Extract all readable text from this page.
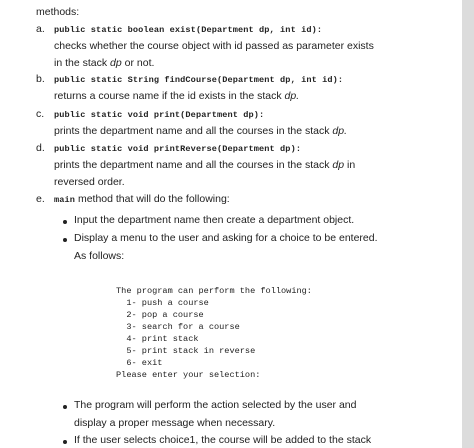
methods:
a. public static boolean exist(Department dp, int id):
checks whether the course object with id passed as parameter exists
in the stack dp or not.
b. public static String findCourse(Department dp, int id):
returns a course name if the id exists in the stack dp.
c. public static void print(Department dp):
prints the department name and all the courses in the stack dp.
d. public static void printReverse(Department dp):
prints the department name and all the courses in the stack dp in
reversed order.
e. main method that will do the following:
Input the department name then create a department object.
Display a menu to the user and asking for a choice to be entered.
As follows:
The program can perform the following:
1- push a course
2- pop a course
3- search for a course
4- print stack
5- print stack in reverse
6- exit
Please enter your selection:
The program will perform the action selected by the user and
display a proper message when necessary.
If the user selects choice1, the course will be added to the stack
